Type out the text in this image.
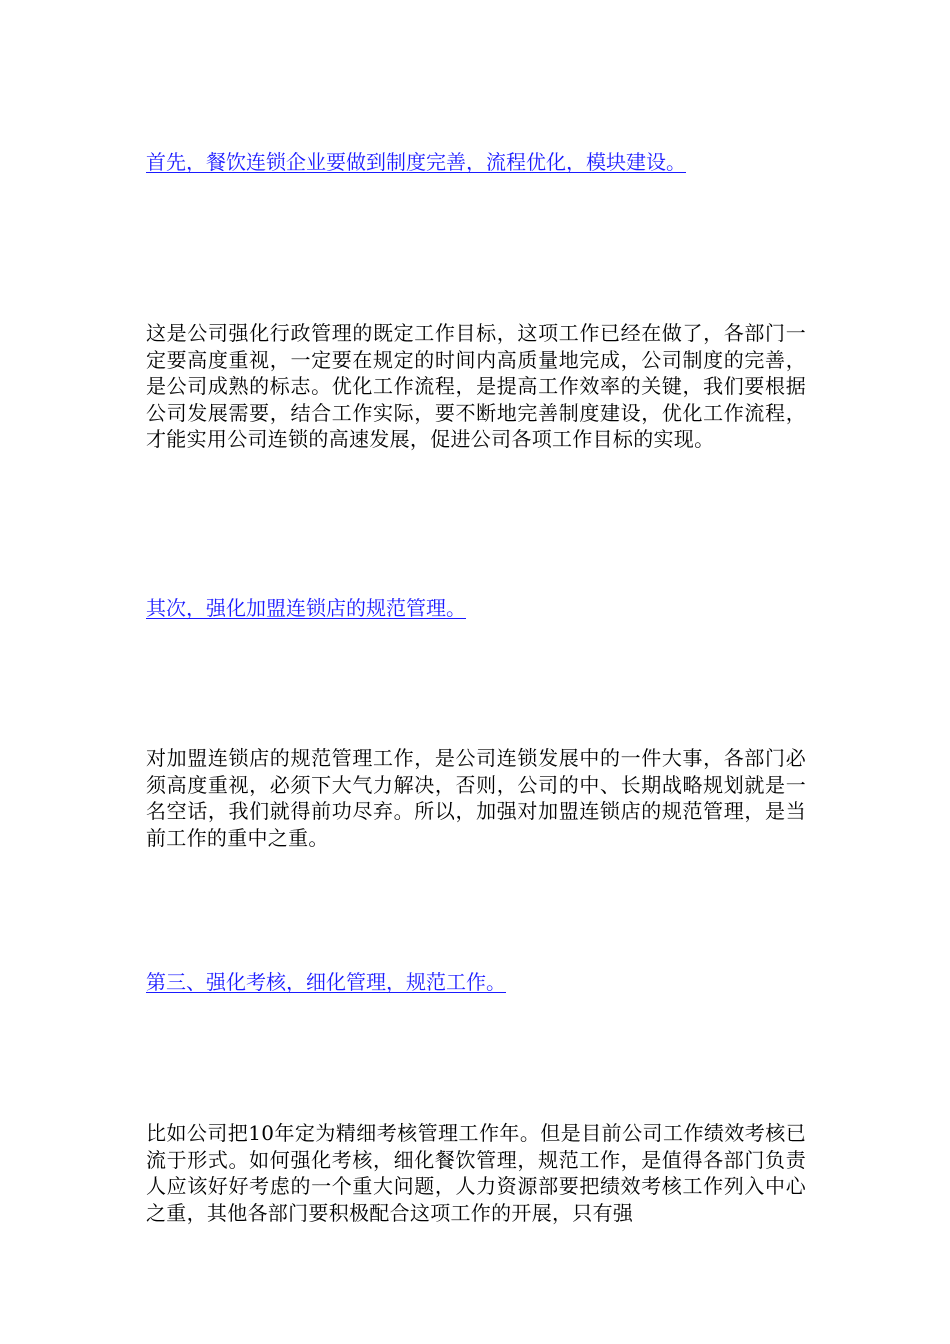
首先，餐饮连锁企业要做到制度完善，流程优化，模块建设。
这是公司强化行政管理的既定工作目标，这项工作已经在做了，各部门一定要高度重视，一定要在规定的时间内高质量地完成，公司制度的完善，是公司成熟的标志。优化工作流程，是提高工作效率的关键，我们要根据公司发展需要，结合工作实际，要不断地完善制度建设，优化工作流程，才能实用公司连锁的高速发展，促进公司各项工作目标的实现。
其次，强化加盟连锁店的规范管理。
对加盟连锁店的规范管理工作，是公司连锁发展中的一件大事，各部门必须高度重视，必须下大气力解决，否则，公司的中、长期战略规划就是一名空话，我们就得前功尽弃。所以，加强对加盟连锁店的规范管理，是当前工作的重中之重。
第三、强化考核，细化管理，规范工作。
比如公司把10年定为精细考核管理工作年。但是目前公司工作绩效考核已流于形式。如何强化考核，细化餐饮管理，规范工作，是值得各部门负责人应该好好考虑的一个重大问题，人力资源部要把绩效考核工作列入中心之重，其他各部门要积极配合这项工作的开展，只有强
